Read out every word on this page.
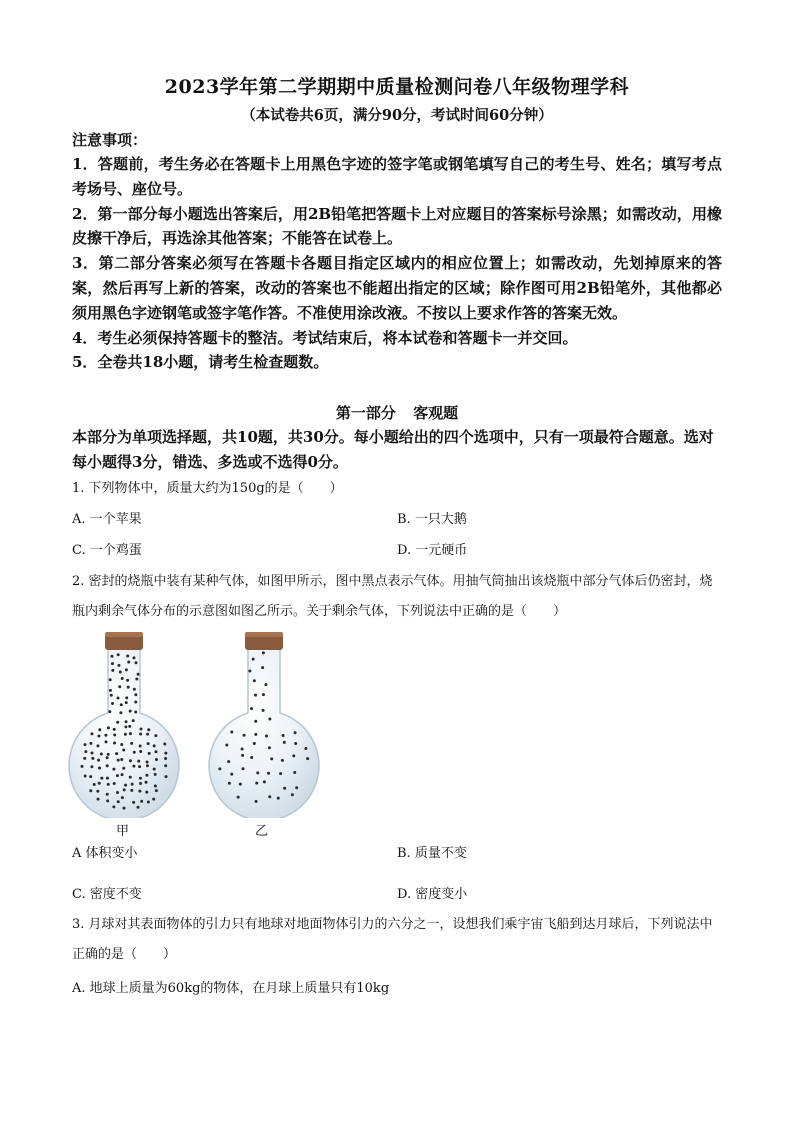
2023学年第二学期期中质量检测问卷八年级物理学科
（本试卷共6页，满分90分，考试时间60分钟）
注意事项：
1．答题前，考生务必在答题卡上用黑色字迹的签字笔或钢笔填写自己的考生号、姓名；填写考点考场号、座位号。
2．第一部分每小题选出答案后，用2B铅笔把答题卡上对应题目的答案标号涂黑；如需改动，用橡皮擦干净后，再选涂其他答案；不能答在试卷上。
3．第二部分答案必须写在答题卡各题目指定区域内的相应位置上；如需改动，先划掉原来的答案，然后再写上新的答案，改动的答案也不能超出指定的区域；除作图可用2B铅笔外，其他都必须用黑色字迹钢笔或签字笔作答。不准使用涂改液。不按以上要求作答的答案无效。
4．考生必须保持答题卡的整洁。考试结束后，将本试卷和答题卡一并交回。
5．全卷共18小题，请考生检查题数。
第一部分 客观题
本部分为单项选择题，共10题，共30分。每小题给出的四个选项中，只有一项最符合题意。选对每小题得3分，错选、多选或不选得0分。
1. 下列物体中，质量大约为150g的是（　　）
A. 一个苹果	B. 一只大鹅
C. 一个鸡蛋	D. 一元硬币
2. 密封的烧瓶中装有某种气体，如图甲所示，图中黑点表示气体。用抽气筒抽出该烧瓶中部分气体后仍密封，烧瓶内剩余气体分布的示意图如图乙所示。关于剩余气体，下列说法中正确的是（　　）
甲	乙
A 体积变小	B. 质量不变
C. 密度不变	D. 密度变小
3. 月球对其表面物体的引力只有地球对地面物体引力的六分之一，设想我们乘宇宙飞船到达月球后，下列说法中正确的是（　　）
A. 地球上质量为60kg的物体，在月球上质量只有10kg
